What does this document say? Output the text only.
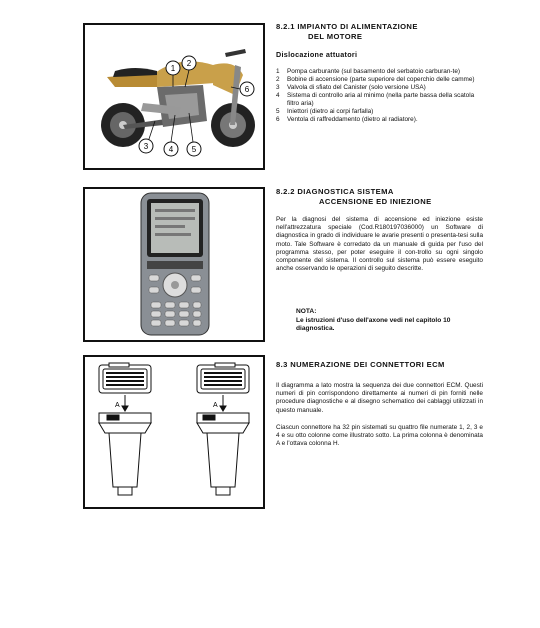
1
2
3	4 5
6

8.2.1 IMPIANTO DI ALIMENTAZIONE
DEL MOTORE

Dislocazione attuatori

1	Pompa carburante (sul basamento del serbatoio carburan-te)
2	Bobine di accensione (parte superiore del coperchio delle camme)
3	Valvola di sfiato del Canister (solo versione USA)
4	Sistema di controllo aria al minimo (nella parte bassa della scatola filtro aria)
5	Iniettori (dietro ai corpi farfalla)
6	Ventola di raffreddamento (dietro al radiatore).

8.2.2 DIAGNOSTICA SISTEMA
ACCENSIONE ED INIEZIONE

Per la diagnosi del sistema di accensione ed iniezione esiste nell'attrezzatura speciale (Cod.R180197036000) un Software di diagnostica in grado di individuare le avarie presenti o presenta-tesi sulla moto. Tale Software è corredato da un manuale di guida per l'uso del programma stesso, per poter eseguire il con-trollo su ogni singolo componente del sistema. Il controllo sul sistema può essere eseguito anche osservando le operazioni di seguito descritte.

NOTA:

Le istruzioni d'uso dell'axone vedi nel capitolo 10 diagnostica.

A	A

8.3 NUMERAZIONE DEI CONNETTORI ECM

Il diagramma a lato mostra la sequenza dei due connettori ECM. Questi numeri di pin corrispondono direttamente ai numeri di pin forniti nelle procedure diagnostiche e al disegno schematico dei cablaggi utilizzati in questo manuale.

Ciascun connettore ha 32 pin sistemati su quattro file numerate 1, 2, 3 e 4 e su otto colonne come illustrato sotto. La prima colonna è denominata A e l'ottava colonna H.
